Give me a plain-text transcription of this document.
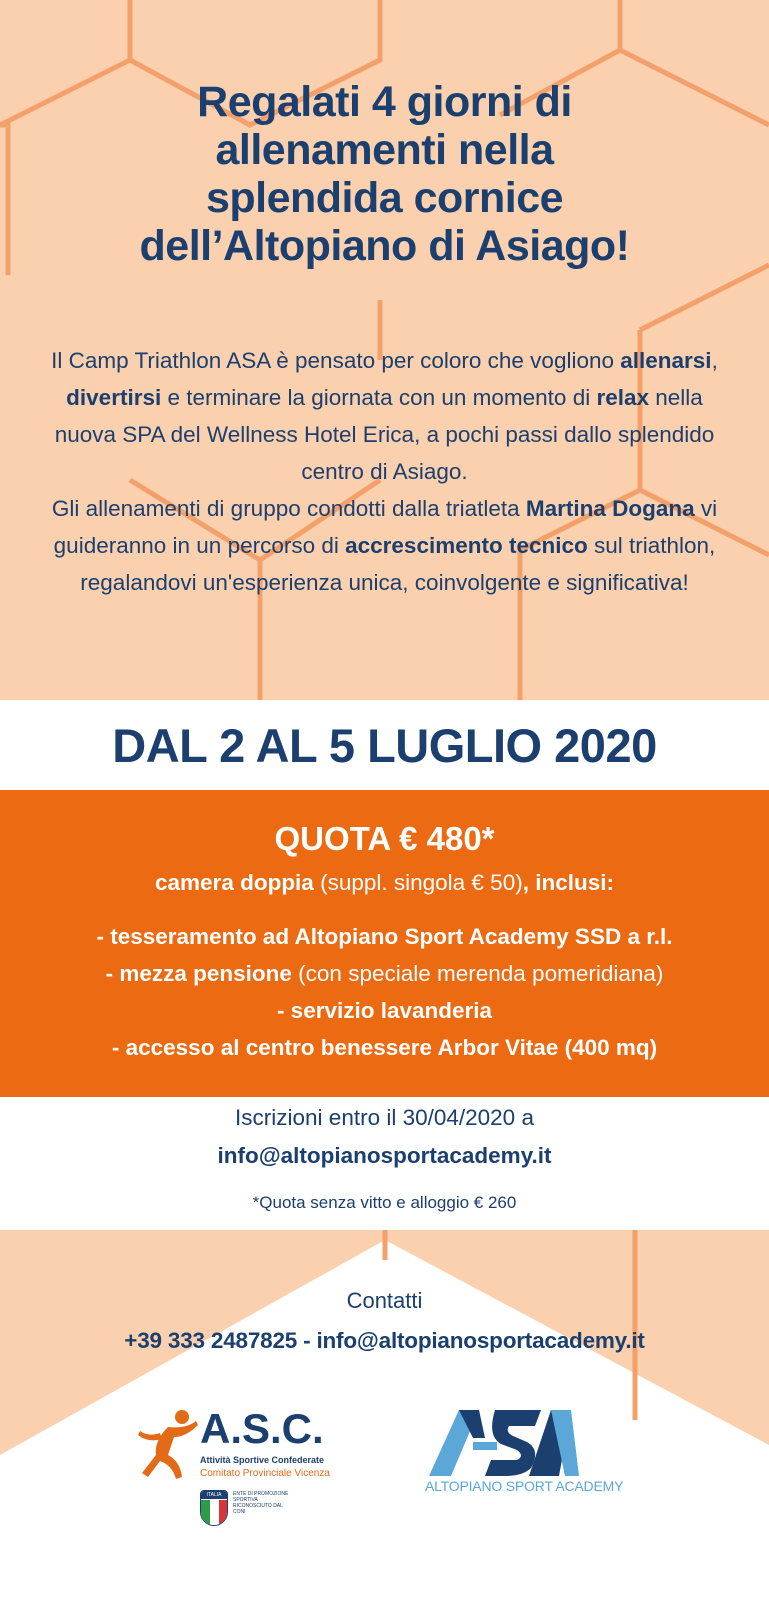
Regalati 4 giorni di
allenamenti nella
splendida cornice
dell’Altopiano di Asiago!

Il Camp Triathlon ASA è pensato per coloro che vogliono allenarsi, divertirsi e terminare la giornata con un momento di relax nella nuova SPA del Wellness Hotel Erica, a pochi passi dallo splendido centro di Asiago.

Gli allenamenti di gruppo condotti dalla triatleta Martina Dogana vi guideranno in un percorso di accrescimento tecnico sul triathlon, regalandovi un'esperienza unica, coinvolgente e significativa!

DAL 2 AL 5 LUGLIO 2020
QUOTA € 480*
camera doppia (suppl. singola € 50), inclusi:
- tesseramento ad Altopiano Sport Academy SSD a r.l.
- mezza pensione (con speciale merenda pomeridiana)
- servizio lavanderia
- accesso al centro benessere Arbor Vitae (400 mq)
Iscrizioni entro il 30/04/2020 a
info@altopianosportacademy.it
*Quota senza vitto e alloggio € 260
Contatti
+39 333 2487825 - info@altopianosportacademy.it
A.S.C.
Attività Sportive Confederate
Comitato Provinciale Vicenza
ITALIA	ENTE DI PROMOZIONE SPORTIVA RICONOSCIUTO DAL CONI
ALTOPIANO SPORT ACADEMY
